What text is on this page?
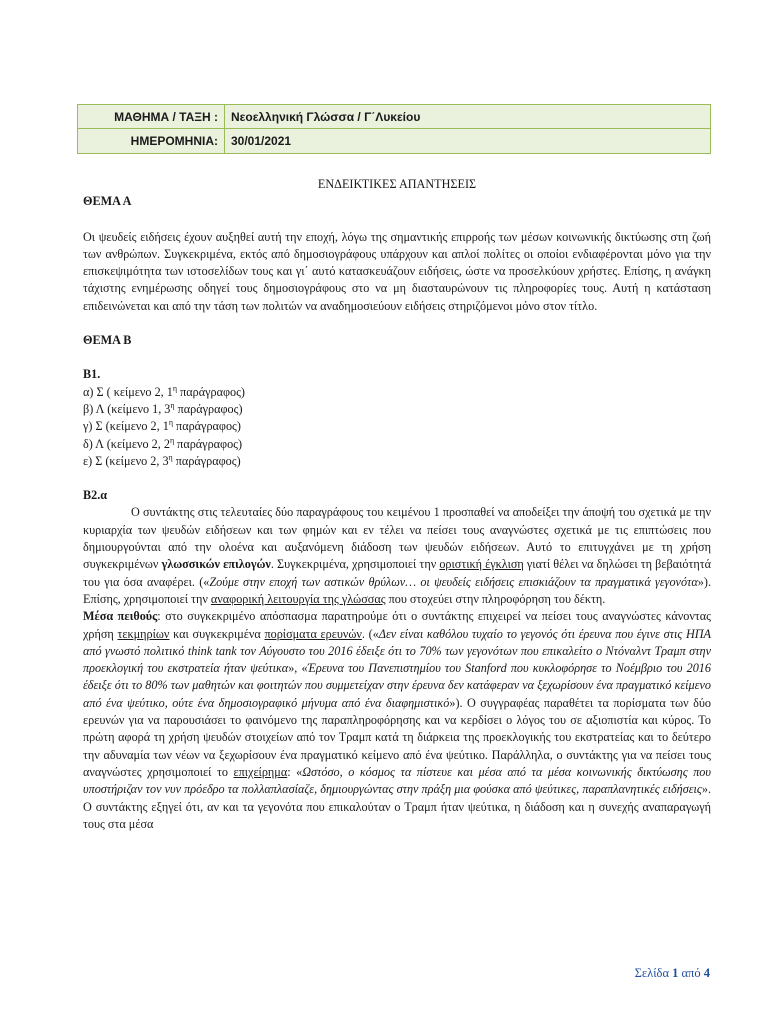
ΜΑΘΗΜΑ / ΤΑΞΗ :	Νεοελληνική Γλώσσα / Γ΄Λυκείου
ΗΜΕΡΟΜΗΝΙΑ:	30/01/2021

ΕΝΔΕΙΚΤΙΚΕΣ ΑΠΑΝΤΗΣΕΙΣ

ΘΕΜΑ Α

Οι ψευδείς ειδήσεις έχουν αυξηθεί αυτή την εποχή, λόγω της σημαντικής επιρροής των μέσων κοινωνικής δικτύωσης στη ζωή των ανθρώπων. Συγκεκριμένα, εκτός από δημοσιογράφους υπάρχουν και απλοί πολίτες οι οποίοι ενδιαφέρονται μόνο για την επισκεψιμότητα των ιστοσελίδων τους και γι΄ αυτό κατασκευάζουν ειδήσεις, ώστε να προσελκύουν χρήστες. Επίσης, η ανάγκη τάχιστης ενημέρωσης οδηγεί τους δημοσιογράφους στο να μη διασταυρώνουν τις πληροφορίες τους. Αυτή η κατάσταση επιδεινώνεται και από την τάση των πολιτών να αναδημοσιεύουν ειδήσεις στηριζόμενοι μόνο στον τίτλο.

ΘΕΜΑ Β

Β1.

α) Σ ( κείμενο 2, $1^\eta$ παράγραφος)

β) Λ (κείμενο 1, $3^\eta$ παράγραφος)

γ) Σ (κείμενο 2, $1^\eta$ παράγραφος)

δ) Λ (κείμενο 2, $2^\eta$ παράγραφος)

ε) Σ (κείμενο 2, $3^\eta$ παράγραφος)

Β2.α

Ο συντάκτης στις τελευταίες δύο παραγράφους του κειμένου 1 προσπαθεί να αποδείξει την άποψή του σχετικά με την κυριαρχία των ψευδών ειδήσεων και των φημών και εν τέλει να πείσει τους αναγνώστες σχετικά με τις επιπτώσεις που δημιουργούνται από την ολοένα και αυξανόμενη διάδοση των ψευδών ειδήσεων. Αυτό το επιτυγχάνει με τη χρήση συγκεκριμένων γλωσσικών επιλογών. Συγκεκριμένα, χρησιμοποιεί την οριστική έγκλιση γιατί θέλει να δηλώσει τη βεβαιότητά του για όσα αναφέρει. («Ζούμε στην εποχή των αστικών θρύλων… οι ψευδείς ειδήσεις επισκιάζουν τα πραγματικά γεγονότα»). Επίσης, χρησιμοποιεί την αναφορική λειτουργία της γλώσσας που στοχεύει στην πληροφόρηση του δέκτη.

Μέσα πειθούς: στο συγκεκριμένο απόσπασμα παρατηρούμε ότι ο συντάκτης επιχειρεί να πείσει τους αναγνώστες κάνοντας χρήση τεκμηρίων και συγκεκριμένα πορίσματα ερευνών. («Δεν είναι καθόλου τυχαίο το γεγονός ότι έρευνα που έγινε στις ΗΠΑ από γνωστό πολιτικό think tank τον Αύγουστο του 2016 έδειξε ότι το 70% των γεγονότων που επικαλείτο ο Ντόναλντ Τραμπ στην προεκλογική του εκστρατεία ήταν ψεύτικα», «Έρευνα του Πανεπιστημίου του Stanford που κυκλοφόρησε το Νοέμβριο του 2016 έδειξε ότι το 80% των μαθητών και φοιτητών που συμμετείχαν στην έρευνα δεν κατάφεραν να ξεχωρίσουν ένα πραγματικό κείμενο από ένα ψεύτικο, ούτε ένα δημοσιογραφικό μήνυμα από ένα διαφημιστικό»). Ο συγγραφέας παραθέτει τα πορίσματα των δύο ερευνών για να παρουσιάσει το φαινόμενο της παραπληροφόρησης και να κερδίσει ο λόγος του σε αξιοπιστία και κύρος. Το πρώτη αφορά τη χρήση ψευδών στοιχείων από τον Τραμπ κατά τη διάρκεια της προεκλογικής του εκστρατείας και το δεύτερο την αδυναμία των νέων να ξεχωρίσουν ένα πραγματικό κείμενο από ένα ψεύτικο. Παράλληλα, ο συντάκτης για να πείσει τους αναγνώστες χρησιμοποιεί το επιχείρημα: «Ωστόσο, ο κόσμος τα πίστευε και μέσα από τα μέσα κοινωνικής δικτύωσης που υποστήριζαν τον νυν πρόεδρο τα πολλαπλασίαζε, δημιουργώντας στην πράξη μια φούσκα από ψεύτικες, παραπλανητικές ειδήσεις». Ο συντάκτης εξηγεί ότι, αν και τα γεγονότα που επικαλούταν ο Τραμπ ήταν ψεύτικα, η διάδοση και η συνεχής αναπαραγωγή τους στα μέσα

Σελίδα 1 από 4
